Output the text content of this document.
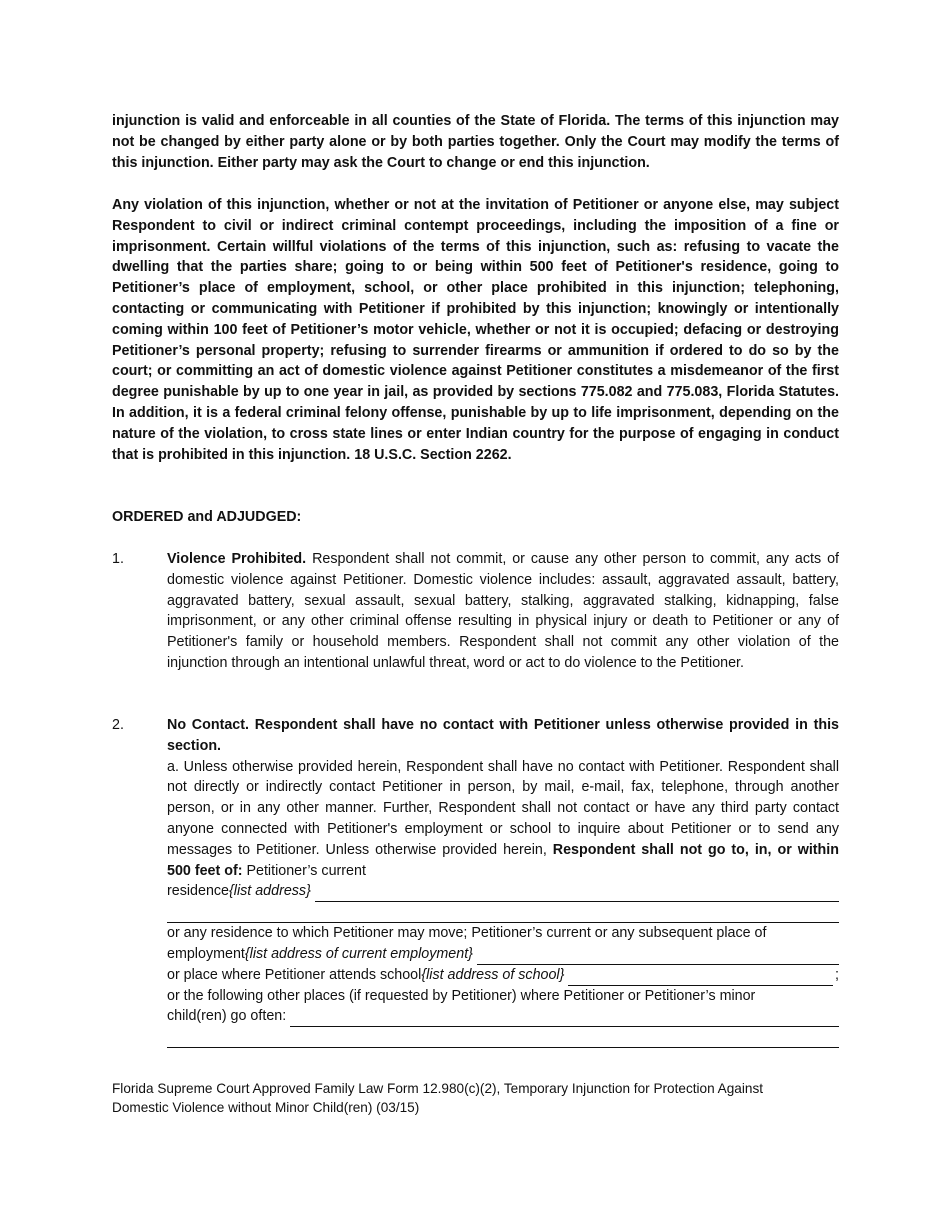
injunction is valid and enforceable in all counties of the State of Florida. The terms of this injunction may not be changed by either party alone or by both parties together. Only the Court may modify the terms of this injunction. Either party may ask the Court to change or end this injunction.

Any violation of this injunction, whether or not at the invitation of Petitioner or anyone else, may subject Respondent to civil or indirect criminal contempt proceedings, including the imposition of a fine or imprisonment. Certain willful violations of the terms of this injunction, such as: refusing to vacate the dwelling that the parties share; going to or being within 500 feet of Petitioner's residence, going to Petitioner’s place of employment, school, or other place prohibited in this injunction; telephoning, contacting or communicating with Petitioner if prohibited by this injunction; knowingly or intentionally coming within 100 feet of Petitioner’s motor vehicle, whether or not it is occupied; defacing or destroying Petitioner’s personal property; refusing to surrender firearms or ammunition if ordered to do so by the court; or committing an act of domestic violence against Petitioner constitutes a misdemeanor of the first degree punishable by up to one year in jail, as provided by sections 775.082 and 775.083, Florida Statutes. In addition, it is a federal criminal felony offense, punishable by up to life imprisonment, depending on the nature of the violation, to cross state lines or enter Indian country for the purpose of engaging in conduct that is prohibited in this injunction. 18 U.S.C. Section 2262.

ORDERED and ADJUDGED:

1.	Violence Prohibited. Respondent shall not commit, or cause any other person to commit, any acts of domestic violence against Petitioner. Domestic violence includes: assault, aggravated assault, battery, aggravated battery, sexual assault, sexual battery, stalking, aggravated stalking, kidnapping, false imprisonment, or any other criminal offense resulting in physical injury or death to Petitioner or any of Petitioner's family or household members. Respondent shall not commit any other violation of the injunction through an intentional unlawful threat, word or act to do violence to the Petitioner.
2.	No Contact. Respondent shall have no contact with Petitioner unless otherwise provided in this section.
a. Unless otherwise provided herein, Respondent shall have no contact with Petitioner. Respondent shall not directly or indirectly contact Petitioner in person, by mail, e-mail, fax, telephone, through another person, or in any other manner. Further, Respondent shall not contact or have any third party contact anyone connected with Petitioner's employment or school to inquire about Petitioner or to send any messages to Petitioner. Unless otherwise provided herein, Respondent shall not go to, in, or within 500 feet of: Petitioner’s current
residence {list address}
or any residence to which Petitioner may move; Petitioner’s current or any subsequent place of
employment {list address of current employment}
or place where Petitioner attends school {list address of school}	;
or the following other places (if requested by Petitioner) where Petitioner or Petitioner’s minor
child(ren) go often:
Florida Supreme Court Approved Family Law Form 12.980(c)(2), Temporary Injunction for Protection Against
Domestic Violence without Minor Child(ren) (03/15)
